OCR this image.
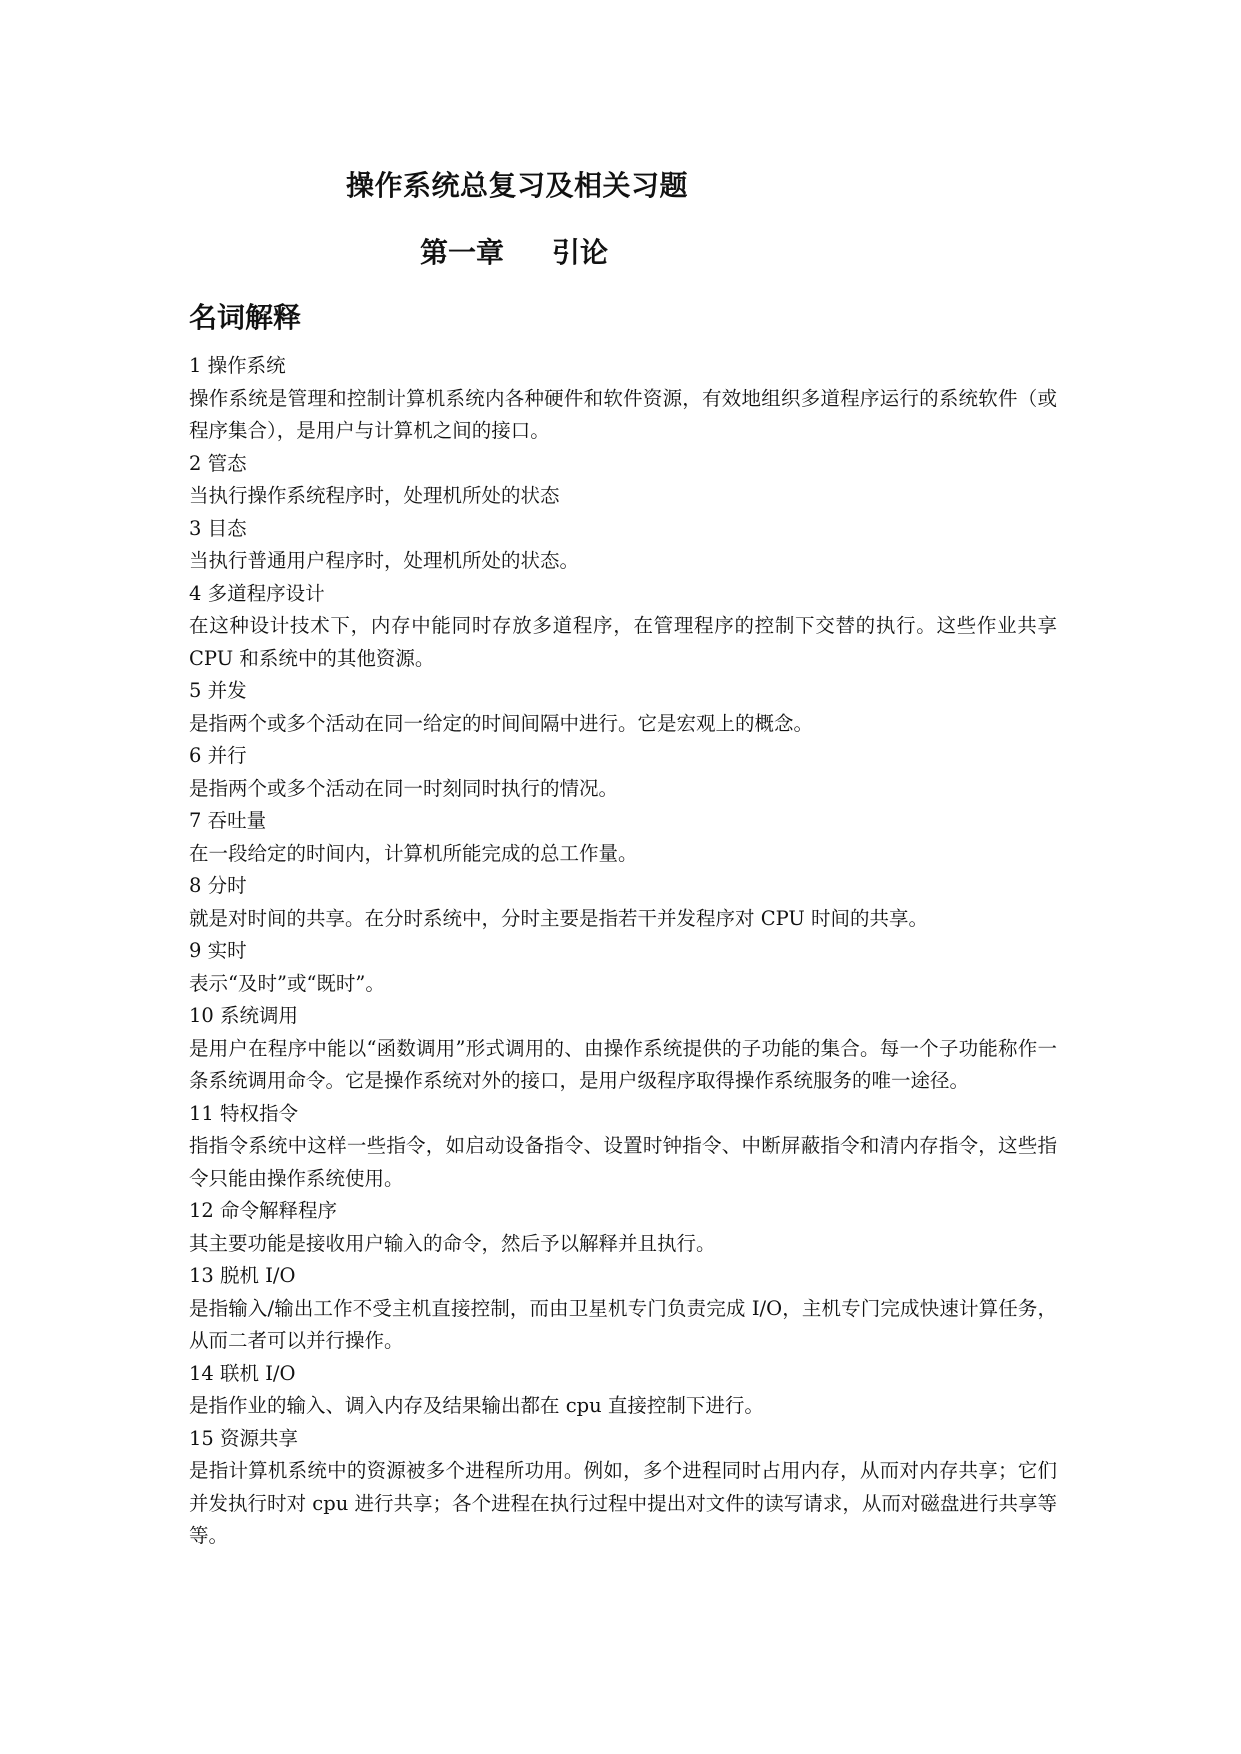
操作系统总复习及相关习题
第一章 引论
名词解释

1 操作系统

操作系统是管理和控制计算机系统内各种硬件和软件资源，有效地组织多道程序运行的系统软件（或程序集合），是用户与计算机之间的接口。

2 管态

当执行操作系统程序时，处理机所处的状态

3 目态

当执行普通用户程序时，处理机所处的状态。

4 多道程序设计

在这种设计技术下，内存中能同时存放多道程序，在管理程序的控制下交替的执行。这些作业共享 CPU 和系统中的其他资源。

5 并发

是指两个或多个活动在同一给定的时间间隔中进行。它是宏观上的概念。

6 并行

是指两个或多个活动在同一时刻同时执行的情况。

7 吞吐量

在一段给定的时间内，计算机所能完成的总工作量。

8 分时

就是对时间的共享。在分时系统中，分时主要是指若干并发程序对 CPU 时间的共享。

9 实时

表示“及时”或“既时”。

10 系统调用

是用户在程序中能以“函数调用”形式调用的、由操作系统提供的子功能的集合。每一个子功能称作一条系统调用命令。它是操作系统对外的接口，是用户级程序取得操作系统服务的唯一途径。

11 特权指令

指指令系统中这样一些指令，如启动设备指令、设置时钟指令、中断屏蔽指令和清内存指令，这些指令只能由操作系统使用。

12 命令解释程序

其主要功能是接收用户输入的命令，然后予以解释并且执行。

13 脱机 I/O

是指输入/输出工作不受主机直接控制，而由卫星机专门负责完成 I/O，主机专门完成快速计算任务，从而二者可以并行操作。

14 联机 I/O

是指作业的输入、调入内存及结果输出都在 cpu 直接控制下进行。

15 资源共享

是指计算机系统中的资源被多个进程所功用。例如，多个进程同时占用内存，从而对内存共享；它们并发执行时对 cpu 进行共享；各个进程在执行过程中提出对文件的读写请求，从而对磁盘进行共享等等。
